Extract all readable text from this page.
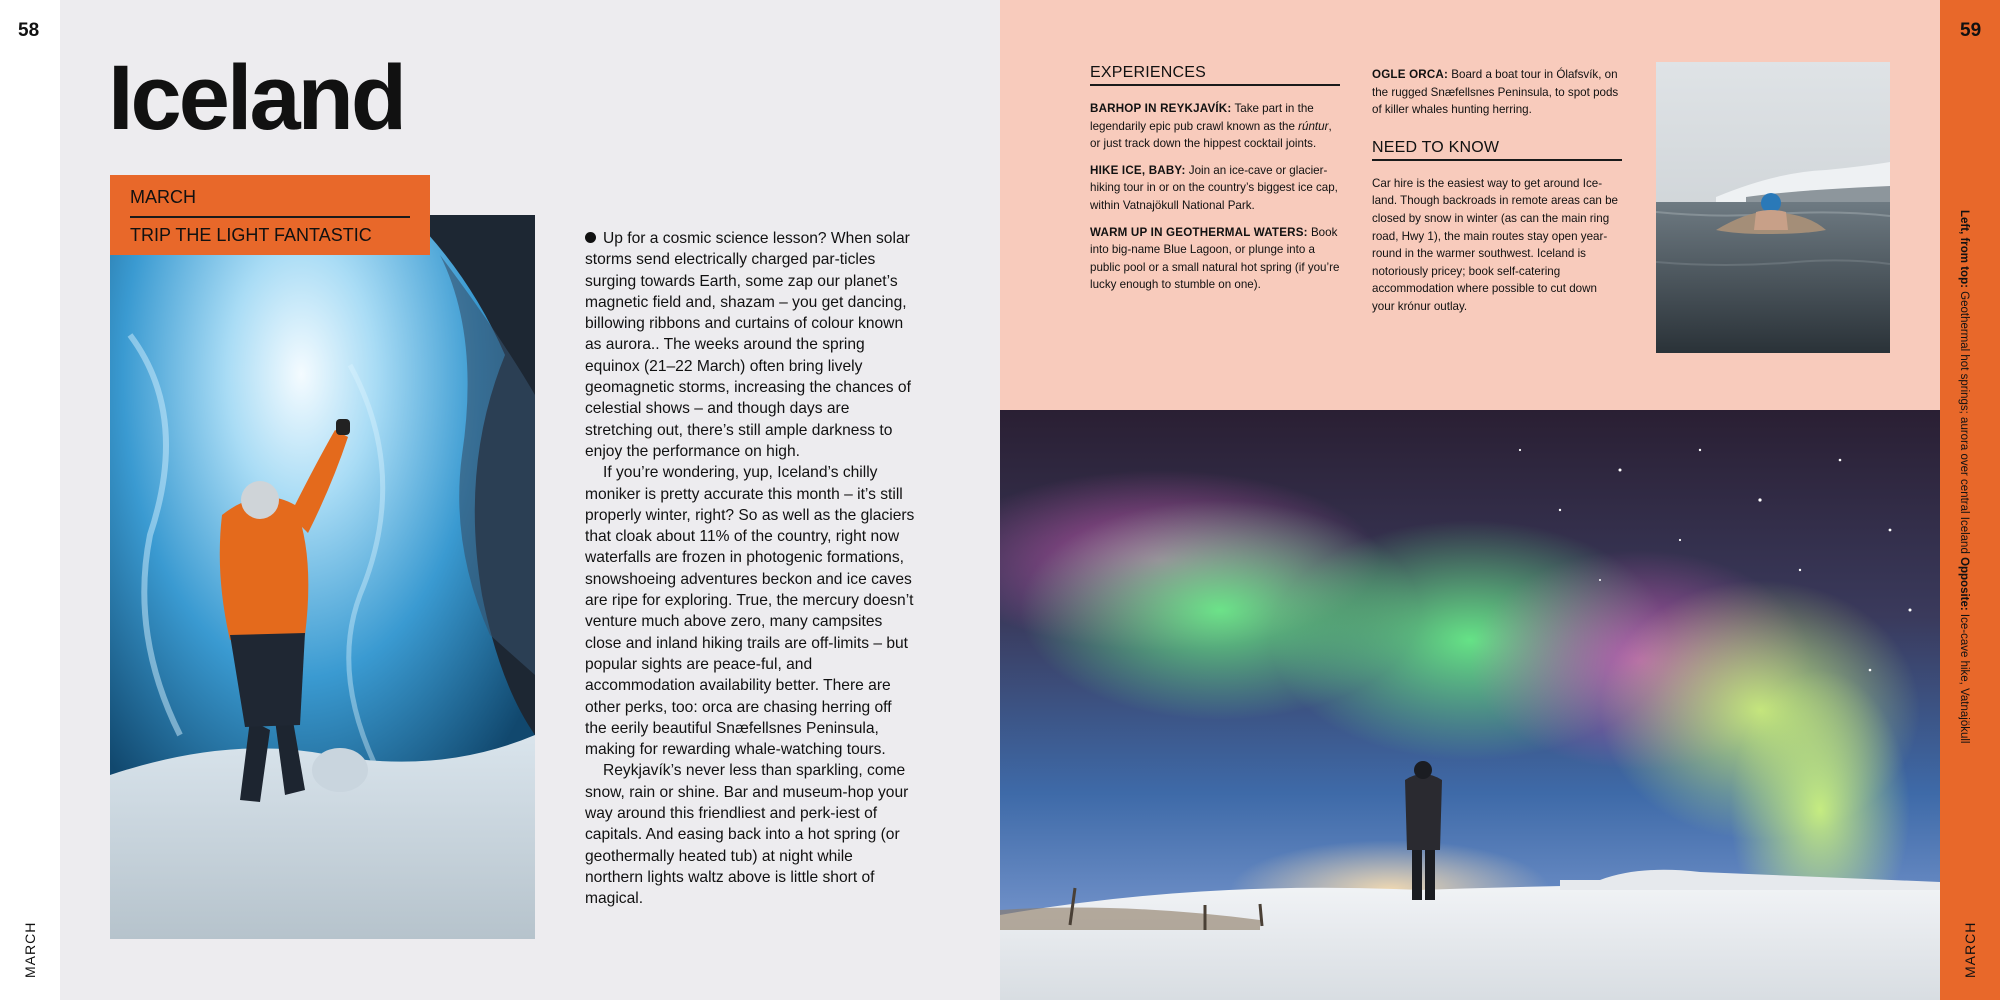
58	59
MARCH	MARCH
Left, from top: Geothermal hot springs; aurora over central Iceland Opposite: Ice-cave hike, Vatnajökull
Iceland
MARCH
TRIP THE LIGHT FANTASTIC	Up for a cosmic science lesson? When solar storms send electrically charged par-ticles surging towards Earth, some zap our planet’s magnetic field and, shazam – you get dancing, billowing ribbons and curtains of colour known as aurora.. The weeks around the spring equinox (21–22 March) often bring lively geomagnetic storms, increasing the chances of celestial shows – and though days are stretching out, there’s still ample darkness to enjoy the performance on high.

If you’re wondering, yup, Iceland’s chilly moniker is pretty accurate this month – it’s still properly winter, right? So as well as the glaciers that cloak about 11% of the country, right now waterfalls are frozen in photogenic formations, snowshoeing adventures beckon and ice caves are ripe for exploring. True, the mercury doesn’t venture much above zero, many campsites close and inland hiking trails are off-limits – but popular sights are peace-ful, and accommodation availability better. There are other perks, too: orca are chasing herring off the eerily beautiful Snæfellsnes Peninsula, making for rewarding whale-watching tours.

Reykjavík’s never less than sparkling, come snow, rain or shine. Bar and museum-hop your way around this friendliest and perk-iest of capitals. And easing back into a hot spring (or geothermally heated tub) at night while northern lights waltz above is little short of magical.

EXPERIENCES
BARHOP IN REYKJAVÍK: Take part in the legendarily epic pub crawl known as the rúntur, or just track down the hippest cocktail joints.
HIKE ICE, BABY: Join an ice-cave or glacier-hiking tour in or on the country’s biggest ice cap, within Vatnajökull National Park.
WARM UP IN GEOTHERMAL WATERS: Book into big-name Blue Lagoon, or plunge into a public pool or a small natural hot spring (if you’re lucky enough to stumble on one).
OGLE ORCA: Board a boat tour in Ólafsvík, on the rugged Snæfellsnes Peninsula, to spot pods of killer whales hunting herring.
NEED TO KNOW
Car hire is the easiest way to get around Ice-land. Though backroads in remote areas can be closed by snow in winter (as can the main ring road, Hwy 1), the main routes stay open year-round in the warmer southwest. Iceland is notoriously pricey; book self-catering accommodation where possible to cut down your krónur outlay.
